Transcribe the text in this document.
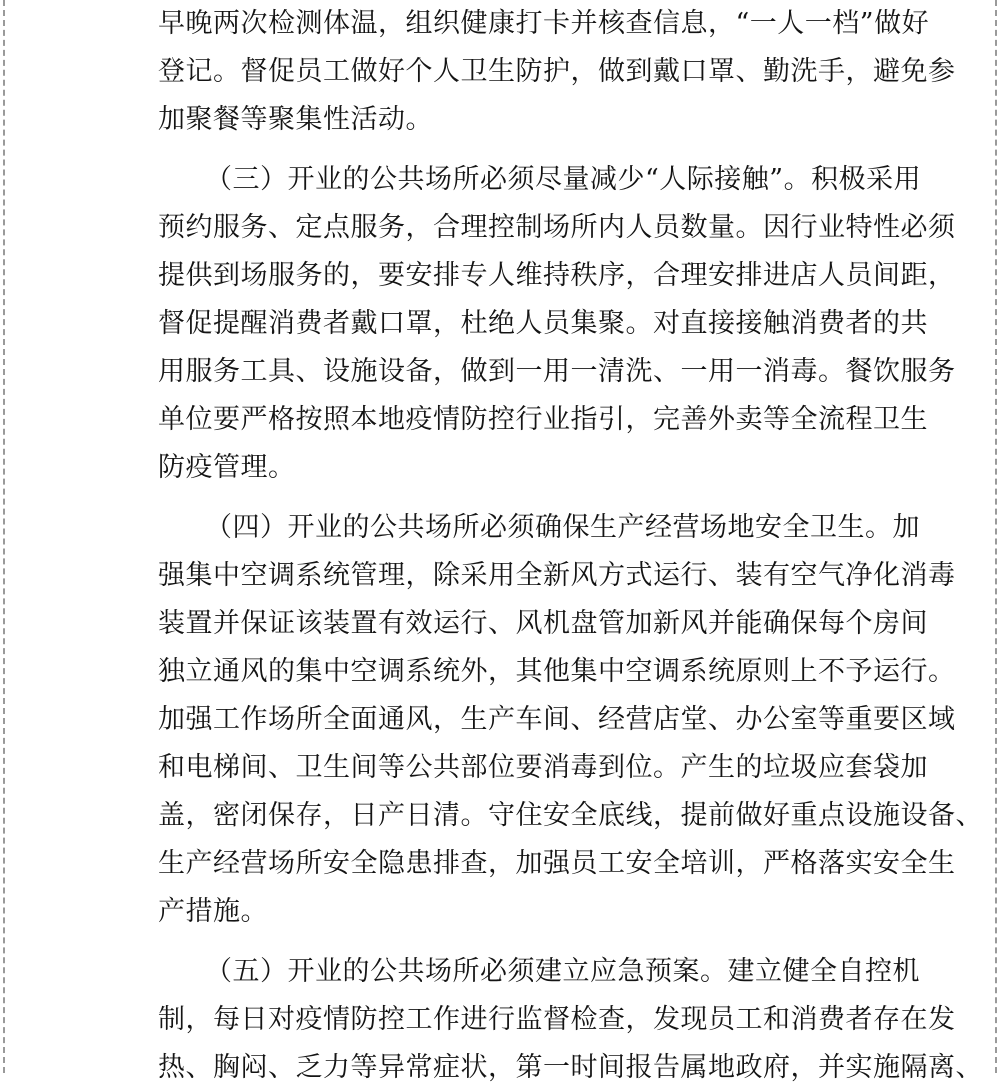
早晚两次检测体温，组织健康打卡并核查信息，“一人一档”做好
登记。督促员工做好个人卫生防护，做到戴口罩、勤洗手，避免参
加聚餐等聚集性活动。
（三）开业的公共场所必须尽量减少“人际接触”。积极采用
预约服务、定点服务，合理控制场所内人员数量。因行业特性必须
提供到场服务的，要安排专人维持秩序，合理安排进店人员间距，
督促提醒消费者戴口罩，杜绝人员集聚。对直接接触消费者的共
用服务工具、设施设备，做到一用一清洗、一用一消毒。餐饮服务
单位要严格按照本地疫情防控行业指引，完善外卖等全流程卫生
防疫管理。
（四）开业的公共场所必须确保生产经营场地安全卫生。加
强集中空调系统管理，除采用全新风方式运行、装有空气净化消毒
装置并保证该装置有效运行、风机盘管加新风并能确保每个房间
独立通风的集中空调系统外，其他集中空调系统原则上不予运行。
加强工作场所全面通风，生产车间、经营店堂、办公室等重要区域
和电梯间、卫生间等公共部位要消毒到位。产生的垃圾应套袋加
盖，密闭保存，日产日清。守住安全底线，提前做好重点设施设备、
生产经营场所安全隐患排查，加强员工安全培训，严格落实安全生
产措施。
（五）开业的公共场所必须建立应急预案。建立健全自控机
制，每日对疫情防控工作进行监督检查，发现员工和消费者存在发
热、胸闷、乏力等异常症状，第一时间报告属地政府，并实施隔离、
